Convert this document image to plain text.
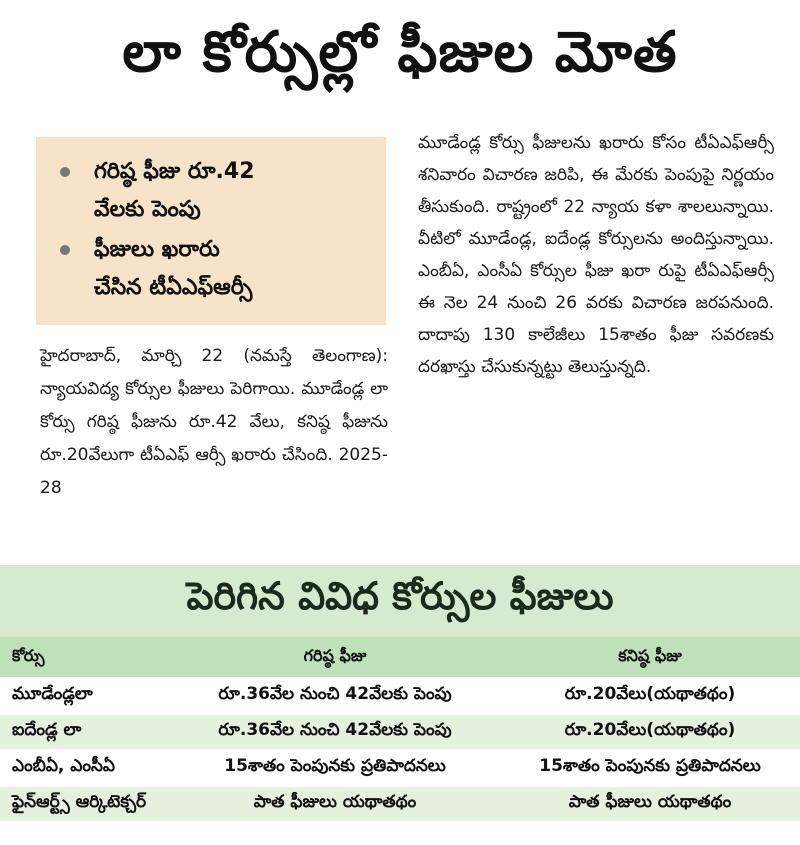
లా కోర్సుల్లో ఫీజుల మోత
గరిష్ఠ ఫీజు రూ.42
వేలకు పెంపు
ఫీజులు ఖరారు
చేసిన టీఏఎఫ్ఆర్సీ

హైదరాబాద్, మార్చి 22 (నమస్తే తెలంగాణ): న్యాయవిద్య కోర్సుల ఫీజులు పెరిగాయి. మూడేండ్ల లా కోర్సు గరిష్ఠ ఫీజును రూ.42 వేలు, కనిష్ఠ ఫీజును రూ.20వేలుగా టీఏఎఫ్ ఆర్సీ ఖరారు చేసింది. 2025-28

మూడేండ్ల కోర్సు ఫీజులను ఖరారు కోసం టీఏఎఫ్ఆర్సీ శనివారం విచారణ జరిపి, ఈ మేరకు పెంపుపై నిర్ణయం తీసుకుంది. రాష్ట్రంలో 22 న్యాయ కళా శాలలున్నాయి. వీటిలో మూడేండ్ల, ఐదేండ్ల కోర్సులను అందిస్తున్నాయి. ఎంబీఏ, ఎంసీఏ కోర్సుల ఫీజు ఖరా రుపై టీఏఎఫ్ఆర్సీ ఈ నెల 24 నుంచి 26 వరకు విచారణ జరపనుంది. దాదాపు 130 కాలేజీలు 15శాతం ఫీజు సవరణకు దరఖాస్తు చేసుకున్నట్టు తెలుస్తున్నది.

పెరిగిన వివిధ కోర్సుల ఫీజులు
కోర్సు	గరిష్ఠ ఫీజు	కనిష్ఠ ఫీజు
మూడేండ్లలా	రూ.36వేల నుంచి 42వేలకు పెంపు	రూ.20వేలు(యథాతథం)
ఐదేండ్ల లా	రూ.36వేల నుంచి 42వేలకు పెంపు	రూ.20వేలు(యథాతథం)
ఎంబీఏ, ఎంసీఏ	15శాతం పెంపునకు ప్రతిపాదనలు	15శాతం పెంపునకు ప్రతిపాదనలు
ఫైన్ఆర్ట్స్ ఆర్కిటెక్చర్	పాత ఫీజులు యథాతథం	పాత ఫీజులు యథాతథం
